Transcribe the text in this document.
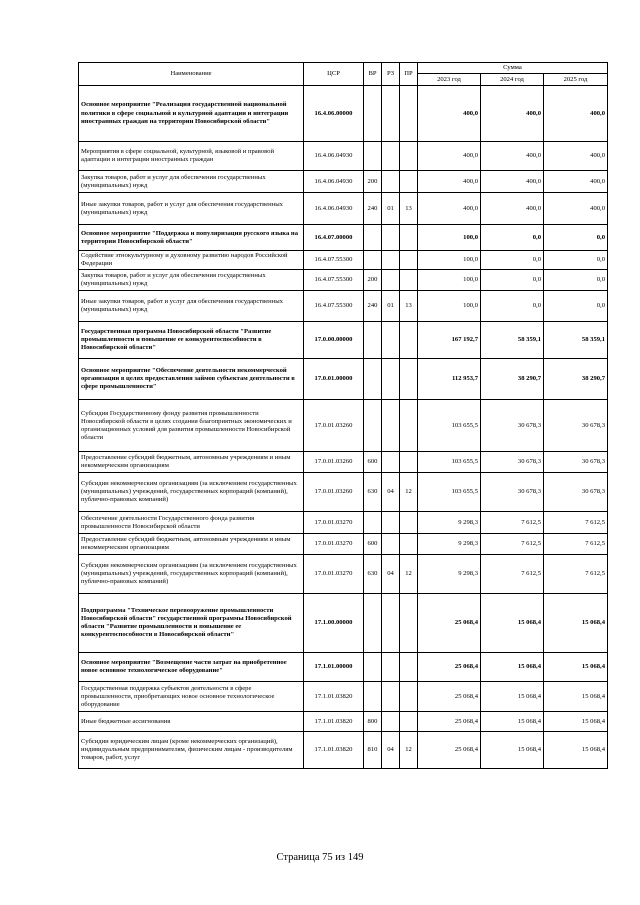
Наименование	ЦСР	ВР	РЗ	ПР	Сумма		
					2023 год	2024 год	2025 год
Основное мероприятие "Реализация государственной национальной политики в сфере социальной и культурной адаптации и интеграции иностранных граждан на территории Новосибирской области"	16.4.06.00000				400,0	400,0	400,0
Мероприятия в сфере социальной, культурной, языковой и правовой адаптации и интеграции иностранных граждан	16.4.06.04930				400,0	400,0	400,0
Закупка товаров, работ и услуг для обеспечения государственных (муниципальных) нужд	16.4.06.04930	200			400,0	400,0	400,0
Иные закупки товаров, работ и услуг для обеспечения государственных (муниципальных) нужд	16.4.06.04930	240	01	13	400,0	400,0	400,0
Основное мероприятие "Поддержка и популяризация русского языка на территории Новосибирской области"	16.4.07.00000				100,0	0,0	0,0
Содействие этнокультурному и духовному развитию народов Российской Федерации	16.4.07.55300				100,0	0,0	0,0
Закупка товаров, работ и услуг для обеспечения государственных (муниципальных) нужд	16.4.07.55300	200			100,0	0,0	0,0
Иные закупки товаров, работ и услуг для обеспечения государственных (муниципальных) нужд	16.4.07.55300	240	01	13	100,0	0,0	0,0
Государственная программа Новосибирской области "Развитие промышленности и повышение ее конкурентоспособности в Новосибирской области"	17.0.00.00000				167 192,7	58 359,1	58 359,1
Основное мероприятие "Обеспечение деятельности некоммерческой организации в целях предоставления займов субъектам деятельности в сфере промышленности"	17.0.01.00000				112 953,7	38 290,7	38 290,7
Субсидия Государственному фонду развития промышленности Новосибирской области в целях создания благоприятных экономических и организационных условий для развития промышленности Новосибирской области	17.0.01.03260				103 655,5	30 678,3	30 678,3
Предоставление субсидий бюджетным, автономным учреждениям и иным некоммерческим организациям	17.0.01.03260	600			103 655,5	30 678,3	30 678,3
Субсидии некоммерческим организациям (за исключением государственных (муниципальных) учреждений, государственных корпораций (компаний), публично-правовых компаний)	17.0.01.03260	630	04	12	103 655,5	30 678,3	30 678,3
Обеспечение деятельности Государственного фонда развития промышленности Новосибирской области	17.0.01.03270				9 298,3	7 612,5	7 612,5
Предоставление субсидий бюджетным, автономным учреждениям и иным некоммерческим организациям	17.0.01.03270	600			9 298,3	7 612,5	7 612,5
Субсидии некоммерческим организациям (за исключением государственных (муниципальных) учреждений, государственных корпораций (компаний), публично-правовых компаний)	17.0.01.03270	630	04	12	9 298,3	7 612,5	7 612,5
Подпрограмма "Техническое перевооружение промышленности Новосибирской области" государственной программы Новосибирской области "Развитие промышленности и повышение ее конкурентоспособности в Новосибирской области"	17.1.00.00000				25 068,4	15 068,4	15 068,4
Основное мероприятие "Возмещение части затрат на приобретенное новое основное технологическое оборудование"	17.1.01.00000				25 068,4	15 068,4	15 068,4
Государственная поддержка субъектов деятельности в сфере промышленности, приобретающих новое основное технологическое оборудование	17.1.01.03820				25 068,4	15 068,4	15 068,4
Иные бюджетные ассигнования	17.1.01.03820	800			25 068,4	15 068,4	15 068,4
Субсидии юридическим лицам (кроме некоммерческих организаций), индивидуальным предпринимателям, физическим лицам - производителям товаров, работ, услуг	17.1.01.03820	810	04	12	25 068,4	15 068,4	15 068,4
Страница 75 из 149
